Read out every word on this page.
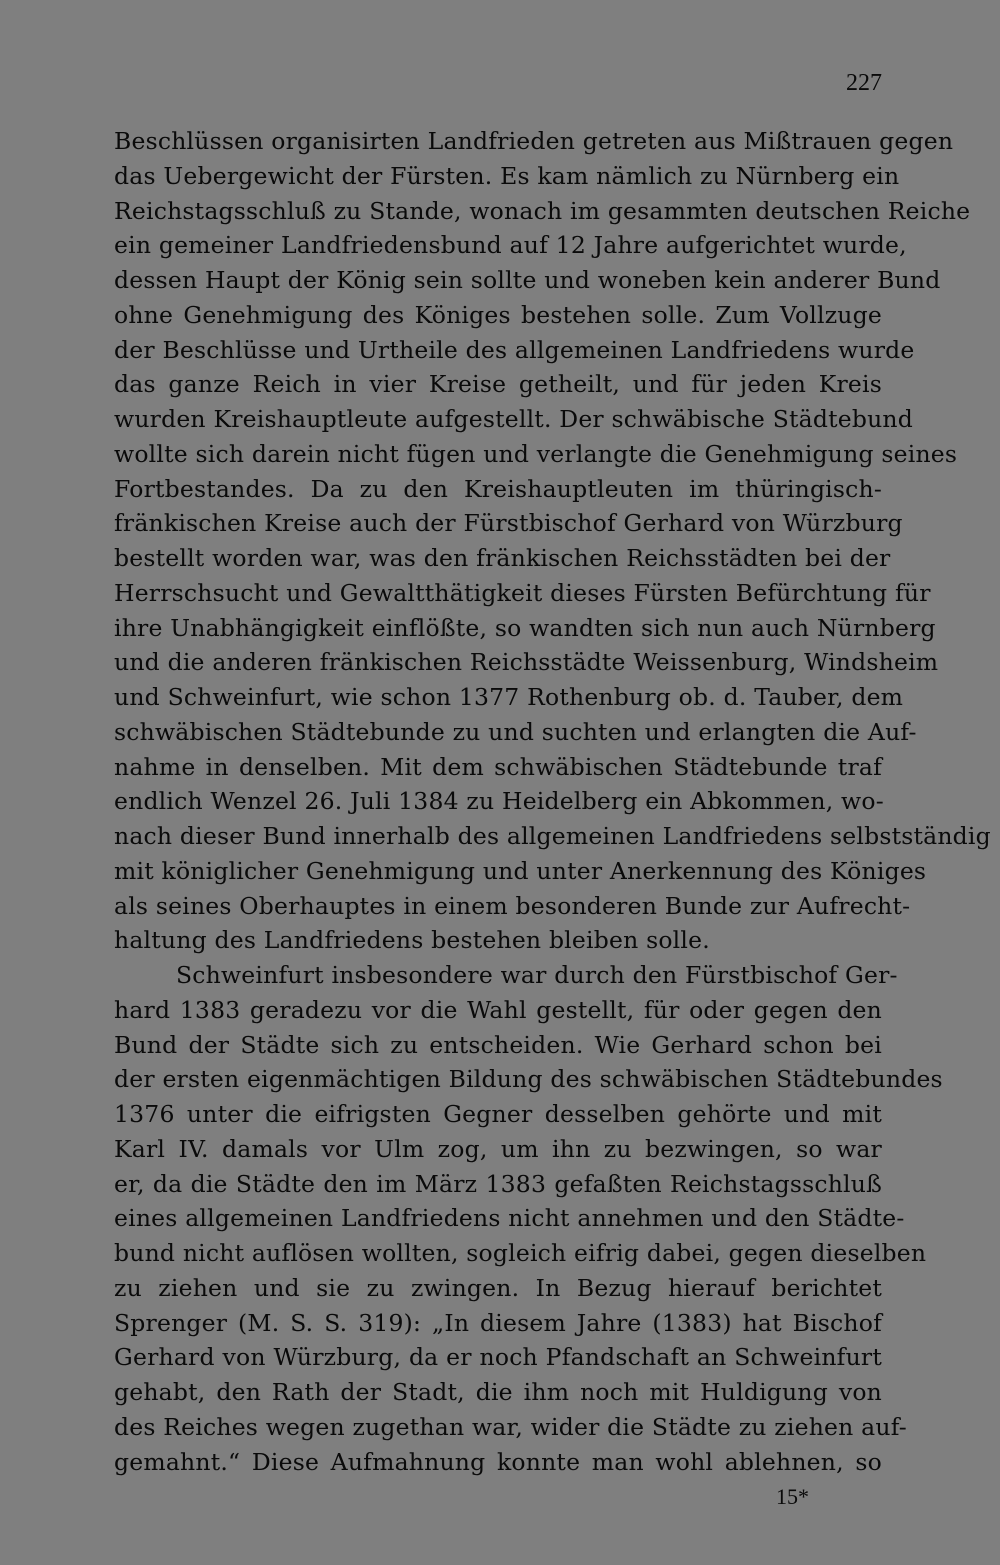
227
Beschlüssen organisirten Landfrieden getreten aus Mißtrauen gegen
das Uebergewicht der Fürsten. Es kam nämlich zu Nürnberg ein
Reichstagsschluß zu Stande, wonach im gesammten deutschen Reiche
ein gemeiner Landfriedensbund auf 12 Jahre aufgerichtet wurde,
dessen Haupt der König sein sollte und woneben kein anderer Bund
ohne Genehmigung des Königes bestehen solle. Zum Vollzuge
der Beschlüsse und Urtheile des allgemeinen Landfriedens wurde
das ganze Reich in vier Kreise getheilt, und für jeden Kreis
wurden Kreishauptleute aufgestellt. Der schwäbische Städtebund
wollte sich darein nicht fügen und verlangte die Genehmigung seines
Fortbestandes. Da zu den Kreishauptleuten im thüringisch-
fränkischen Kreise auch der Fürstbischof Gerhard von Würzburg
bestellt worden war, was den fränkischen Reichsstädten bei der
Herrschsucht und Gewaltthätigkeit dieses Fürsten Befürchtung für
ihre Unabhängigkeit einflößte, so wandten sich nun auch Nürnberg
und die anderen fränkischen Reichsstädte Weissenburg, Windsheim
und Schweinfurt, wie schon 1377 Rothenburg ob. d. Tauber, dem
schwäbischen Städtebunde zu und suchten und erlangten die Auf-
nahme in denselben. Mit dem schwäbischen Städtebunde traf
endlich Wenzel 26. Juli 1384 zu Heidelberg ein Abkommen, wo-
nach dieser Bund innerhalb des allgemeinen Landfriedens selbstständig
mit königlicher Genehmigung und unter Anerkennung des Königes
als seines Oberhauptes in einem besonderen Bunde zur Aufrecht-
haltung des Landfriedens bestehen bleiben solle.
Schweinfurt insbesondere war durch den Fürstbischof Ger-
hard 1383 geradezu vor die Wahl gestellt, für oder gegen den
Bund der Städte sich zu entscheiden. Wie Gerhard schon bei
der ersten eigenmächtigen Bildung des schwäbischen Städtebundes
1376 unter die eifrigsten Gegner desselben gehörte und mit
Karl IV. damals vor Ulm zog, um ihn zu bezwingen, so war
er, da die Städte den im März 1383 gefaßten Reichstagsschluß
eines allgemeinen Landfriedens nicht annehmen und den Städte-
bund nicht auflösen wollten, sogleich eifrig dabei, gegen dieselben
zu ziehen und sie zu zwingen. In Bezug hierauf berichtet
Sprenger (M. S. S. 319): „In diesem Jahre (1383) hat Bischof
Gerhard von Würzburg, da er noch Pfandschaft an Schweinfurt
gehabt, den Rath der Stadt, die ihm noch mit Huldigung von
des Reiches wegen zugethan war, wider die Städte zu ziehen auf-
gemahnt.“ Diese Aufmahnung konnte man wohl ablehnen, so
15*
